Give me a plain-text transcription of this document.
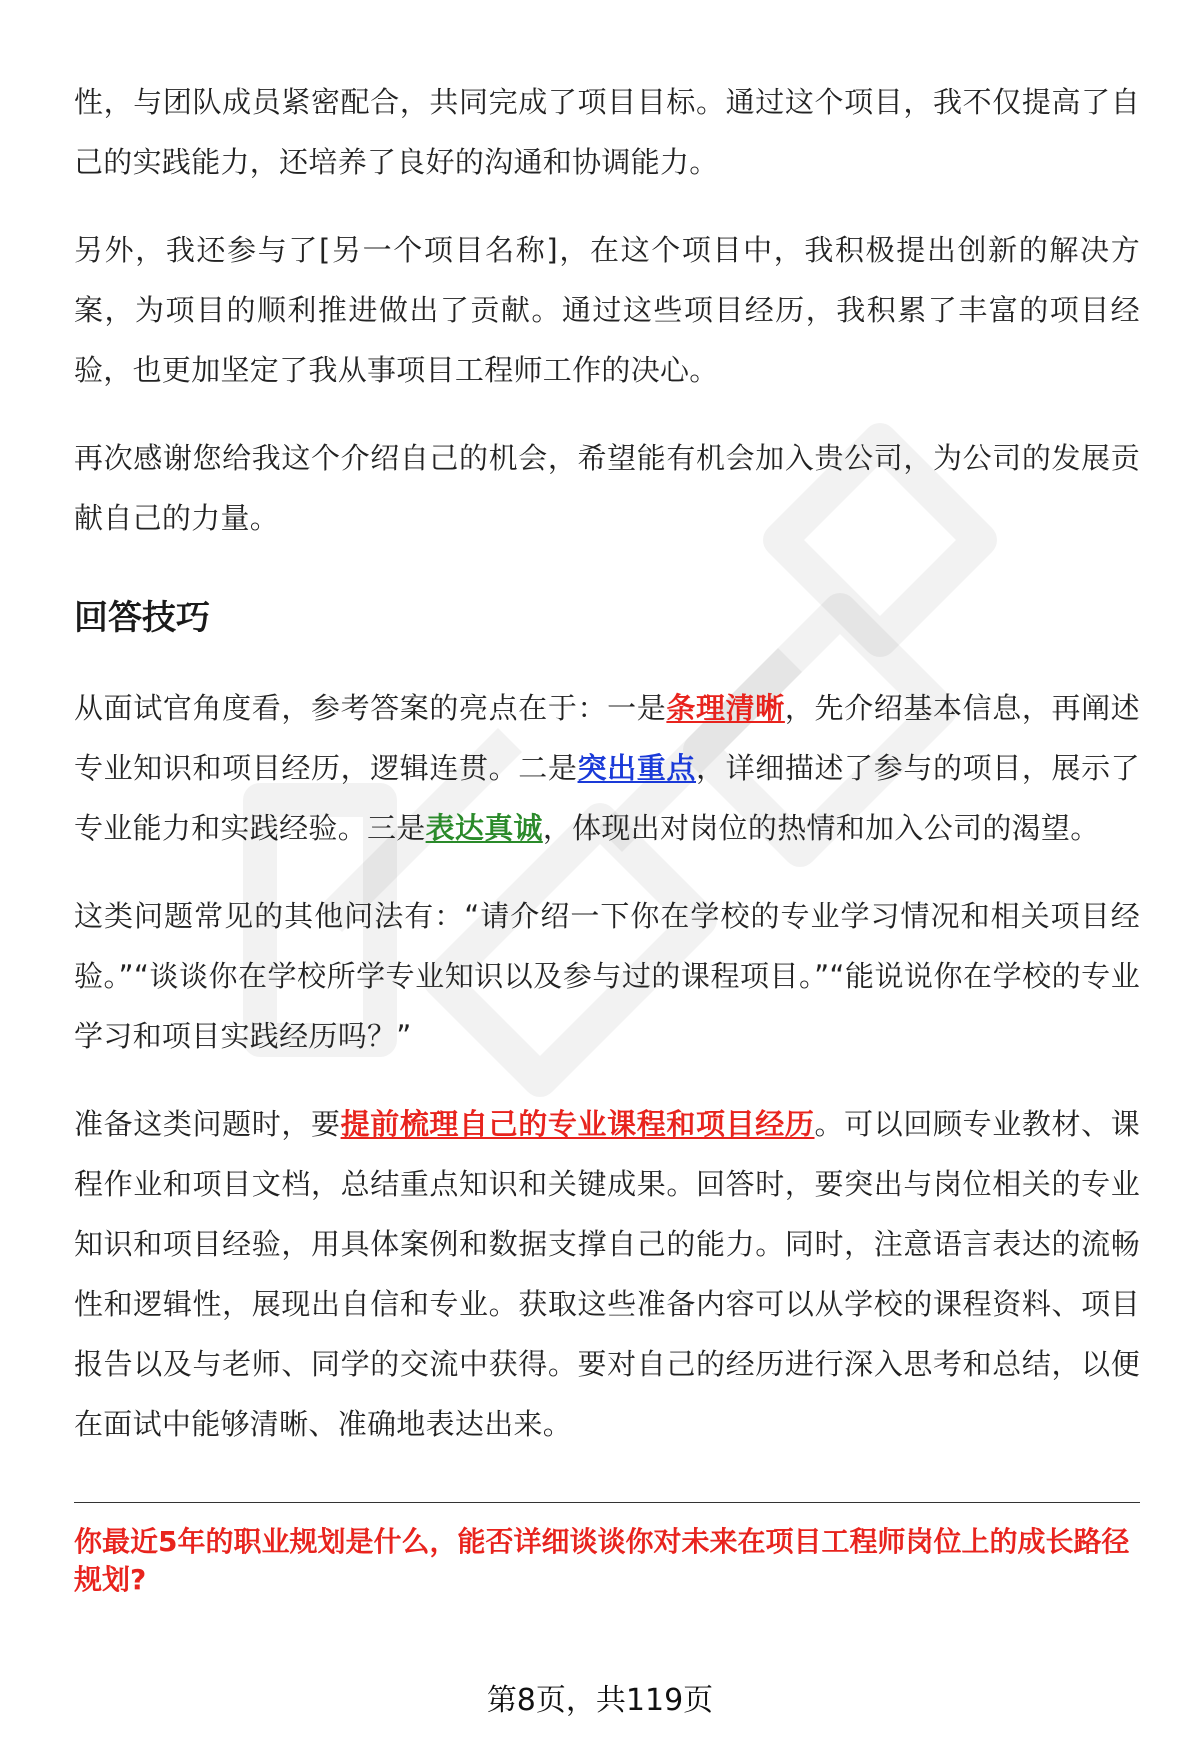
性，与团队成员紧密配合，共同完成了项目目标。通过这个项目，我不仅提高了自己的实践能力，还培养了良好的沟通和协调能力。

另外，我还参与了[另一个项目名称]，在这个项目中，我积极提出创新的解决方案，为项目的顺利推进做出了贡献。通过这些项目经历，我积累了丰富的项目经验，也更加坚定了我从事项目工程师工作的决心。

再次感谢您给我这个介绍自己的机会，希望能有机会加入贵公司，为公司的发展贡献自己的力量。

回答技巧

从面试官角度看，参考答案的亮点在于：一是条理清晰，先介绍基本信息，再阐述专业知识和项目经历，逻辑连贯。二是突出重点，详细描述了参与的项目，展示了专业能力和实践经验。三是表达真诚，体现出对岗位的热情和加入公司的渴望。

这类问题常见的其他问法有：“请介绍一下你在学校的专业学习情况和相关项目经验。”“谈谈你在学校所学专业知识以及参与过的课程项目。”“能说说你在学校的专业学习和项目实践经历吗？”

准备这类问题时，要提前梳理自己的专业课程和项目经历。可以回顾专业教材、课程作业和项目文档，总结重点知识和关键成果。回答时，要突出与岗位相关的专业知识和项目经验，用具体案例和数据支撑自己的能力。同时，注意语言表达的流畅性和逻辑性，展现出自信和专业。获取这些准备内容可以从学校的课程资料、项目报告以及与老师、同学的交流中获得。要对自己的经历进行深入思考和总结，以便在面试中能够清晰、准确地表达出来。

你最近5年的职业规划是什么，能否详细谈谈你对未来在项目工程师岗位上的成长路径规划?

第8页，共119页
